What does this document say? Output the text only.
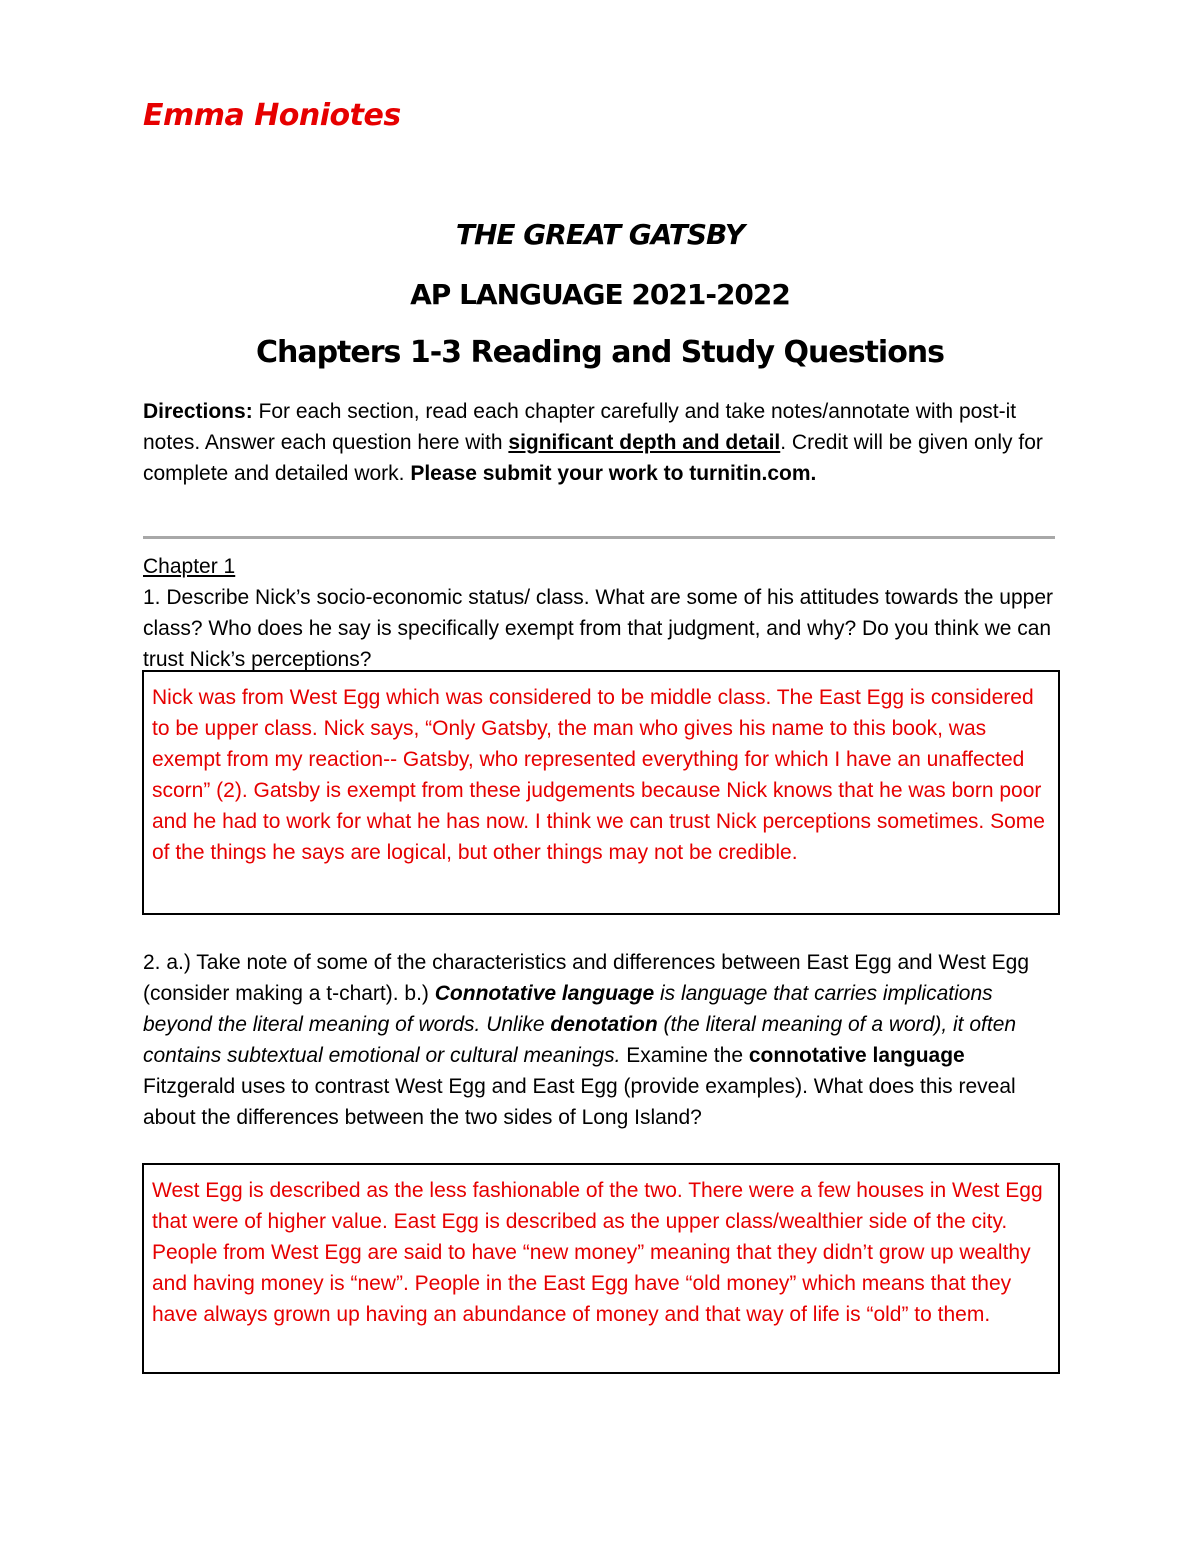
Emma Honiotes
THE GREAT GATSBY
AP LANGUAGE 2021-2022
Chapters 1-3 Reading and Study Questions
Directions: For each section, read each chapter carefully and take notes/annotate with post-it notes. Answer each question here with significant depth and detail. Credit will be given only for complete and detailed work. Please submit your work to turnitin.com.
Chapter 1
1. Describe Nick’s socio-economic status/ class. What are some of his attitudes towards the upper class? Who does he say is specifically exempt from that judgment, and why? Do you think we can trust Nick’s perceptions?
Nick was from West Egg which was considered to be middle class. The East Egg is considered to be upper class. Nick says, “Only Gatsby, the man who gives his name to this book, was exempt from my reaction-- Gatsby, who represented everything for which I have an unaffected scorn” (2). Gatsby is exempt from these judgements because Nick knows that he was born poor and he had to work for what he has now. I think we can trust Nick perceptions sometimes. Some of the things he says are logical, but other things may not be credible.
2. a.) Take note of some of the characteristics and differences between East Egg and West Egg (consider making a t-chart). b.) Connotative language is language that carries implications beyond the literal meaning of words. Unlike denotation (the literal meaning of a word), it often contains subtextual emotional or cultural meanings. Examine the connotative language Fitzgerald uses to contrast West Egg and East Egg (provide examples). What does this reveal about the differences between the two sides of Long Island?
West Egg is described as the less fashionable of the two. There were a few houses in West Egg that were of higher value. East Egg is described as the upper class/wealthier side of the city. People from West Egg are said to have “new money” meaning that they didn’t grow up wealthy and having money is “new”. People in the East Egg have “old money” which means that they have always grown up having an abundance of money and that way of life is “old” to them.
